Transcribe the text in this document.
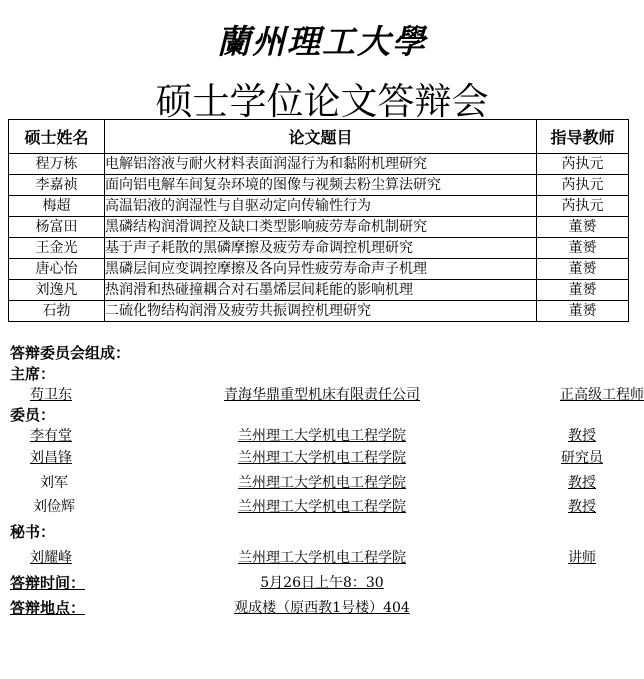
蘭州理工大學
硕士学位论文答辩会
硕士姓名	论文题目	指导教师
程万栋	电解铝溶液与耐火材料表面润湿行为和黏附机理研究	芮执元
李嘉祯	面向铝电解车间复杂环境的图像与视频去粉尘算法研究	芮执元
梅超	高温铝液的润湿性与自驱动定向传输性行为	芮执元
杨富田	黑磷结构润滑调控及缺口类型影响疲劳寿命机制研究	董赟
王金光	基于声子耗散的黑磷摩擦及疲劳寿命调控机理研究	董赟
唐心怡	黑磷层间应变调控摩擦及各向异性疲劳寿命声子机理	董赟
刘逸凡	热润滑和热碰撞耦合对石墨烯层间耗能的影响机理	董赟
石勃	二硫化物结构润滑及疲劳共振调控机理研究	董赟
答辩委员会组成：
主席：
苟卫东	青海华鼎重型机床有限责任公司	正高级工程师
委员：
李有堂	兰州理工大学机电工程学院	教授
刘昌锋	兰州理工大学机电工程学院	研究员
刘军	兰州理工大学机电工程学院	教授
刘俭辉	兰州理工大学机电工程学院	教授
秘书：
刘耀峰	兰州理工大学机电工程学院	讲师
答辩时间：	5月26日上午8：30
答辩地点：	观成楼（原西教1号楼）404
